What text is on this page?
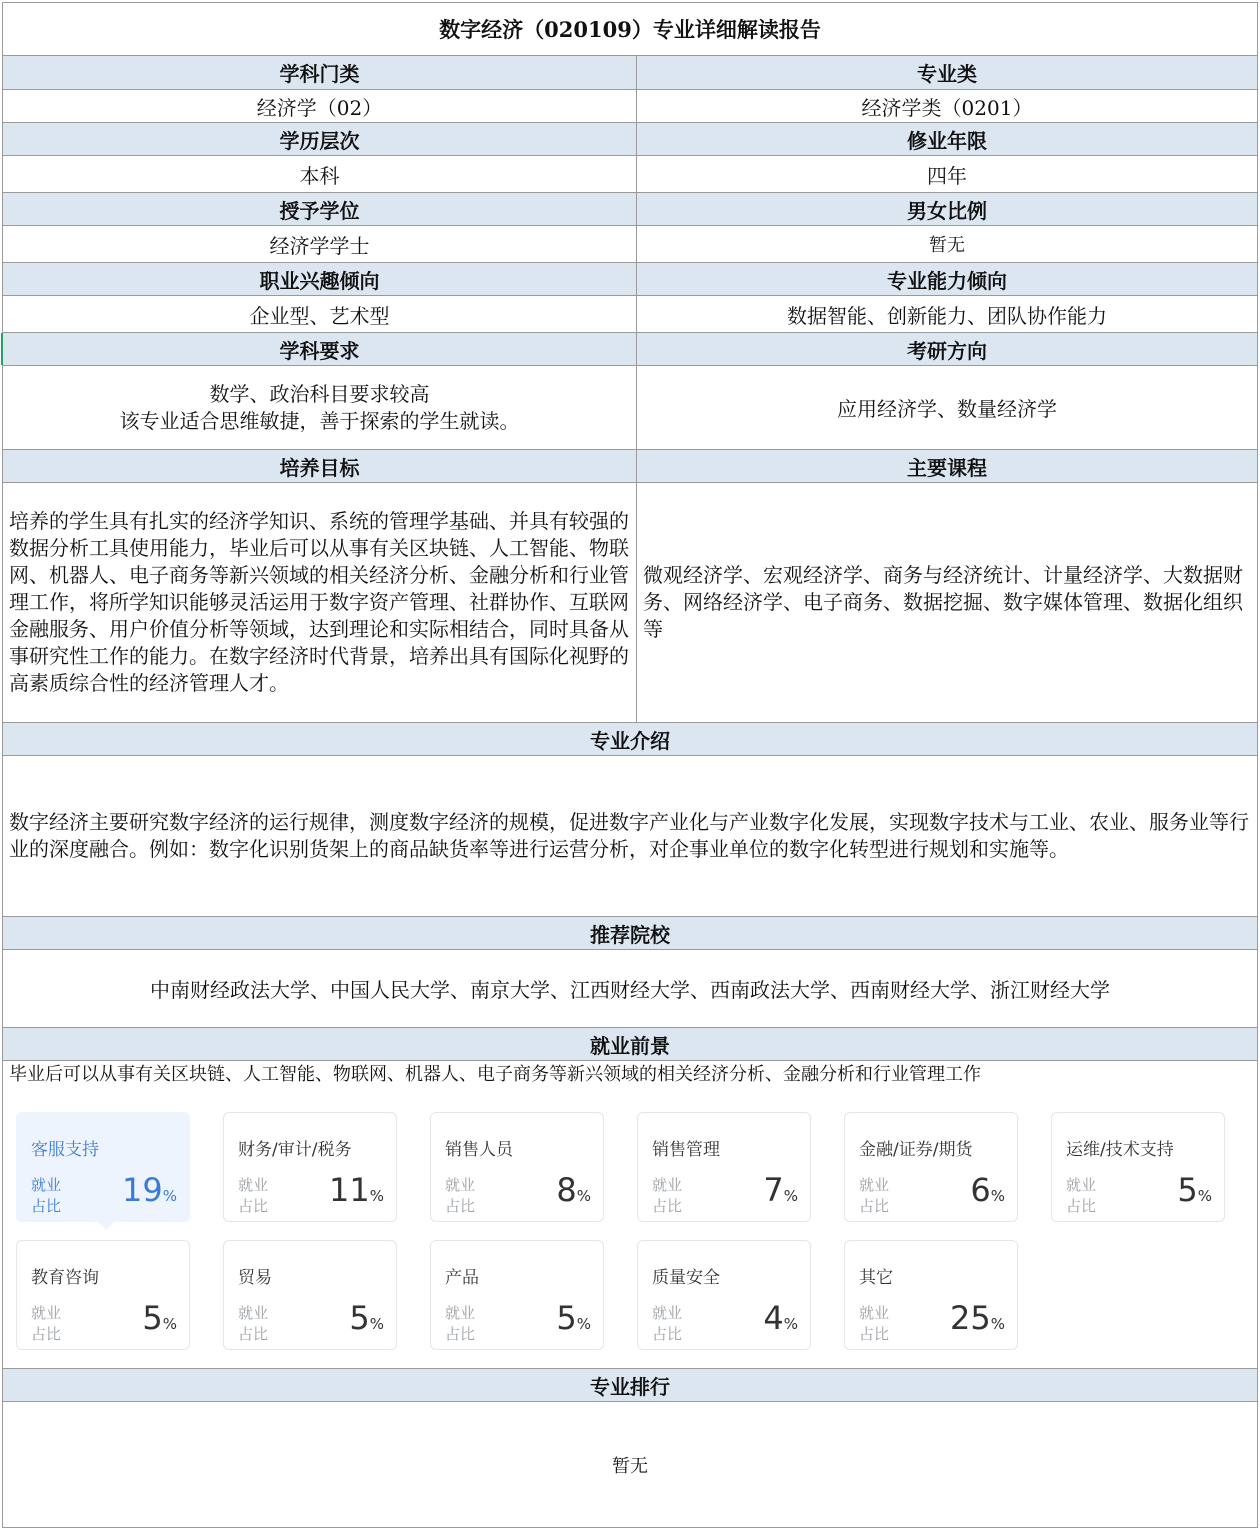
数字经济（020109）专业详细解读报告
学科门类	专业类
经济学（02）	经济学类（0201）
学历层次	修业年限
本科	四年
授予学位	男女比例
经济学学士	暂无
职业兴趣倾向	专业能力倾向
企业型、艺术型	数据智能、创新能力、团队协作能力
学科要求	考研方向
数学、政治科目要求较高
该专业适合思维敏捷，善于探索的学生就读。	应用经济学、数量经济学
培养目标	主要课程
培养的学生具有扎实的经济学知识、系统的管理学基础、并具有较强的数据分析工具使用能力，毕业后可以从事有关区块链、人工智能、物联网、机器人、电子商务等新兴领域的相关经济分析、金融分析和行业管理工作，将所学知识能够灵活运用于数字资产管理、社群协作、互联网金融服务、用户价值分析等领域，达到理论和实际相结合，同时具备从事研究性工作的能力。在数字经济时代背景，培养出具有国际化视野的高素质综合性的经济管理人才。
微观经济学、宏观经济学、商务与经济统计、计量经济学、大数据财务、网络经济学、电子商务、数据挖掘、数字媒体管理、数据化组织等
专业介绍
数字经济主要研究数字经济的运行规律，测度数字经济的规模，促进数字产业化与产业数字化发展，实现数字技术与工业、农业、服务业等行业的深度融合。例如：数字化识别货架上的商品缺货率等进行运营分析，对企事业单位的数字化转型进行规划和实施等。
推荐院校
中南财经政法大学、中国人民大学、南京大学、江西财经大学、西南政法大学、西南财经大学、浙江财经大学
就业前景
毕业后可以从事有关区块链、人工智能、物联网、机器人、电子商务等新兴领域的相关经济分析、金融分析和行业管理工作
专业排行
暂无
客服支持
就业
占比 19%
财务/审计/税务
就业
占比 11%
销售人员
就业
占比	8%
销售管理
就业
占比	7%
金融/证券/期货
就业
占比	6%
运维/技术支持
就业
占比	5%
教育咨询
就业
占比	5%
贸易
就业
占比	5%
产品
就业
占比	5%
质量安全
就业
占比	4%
其它
就业
占比 25%
